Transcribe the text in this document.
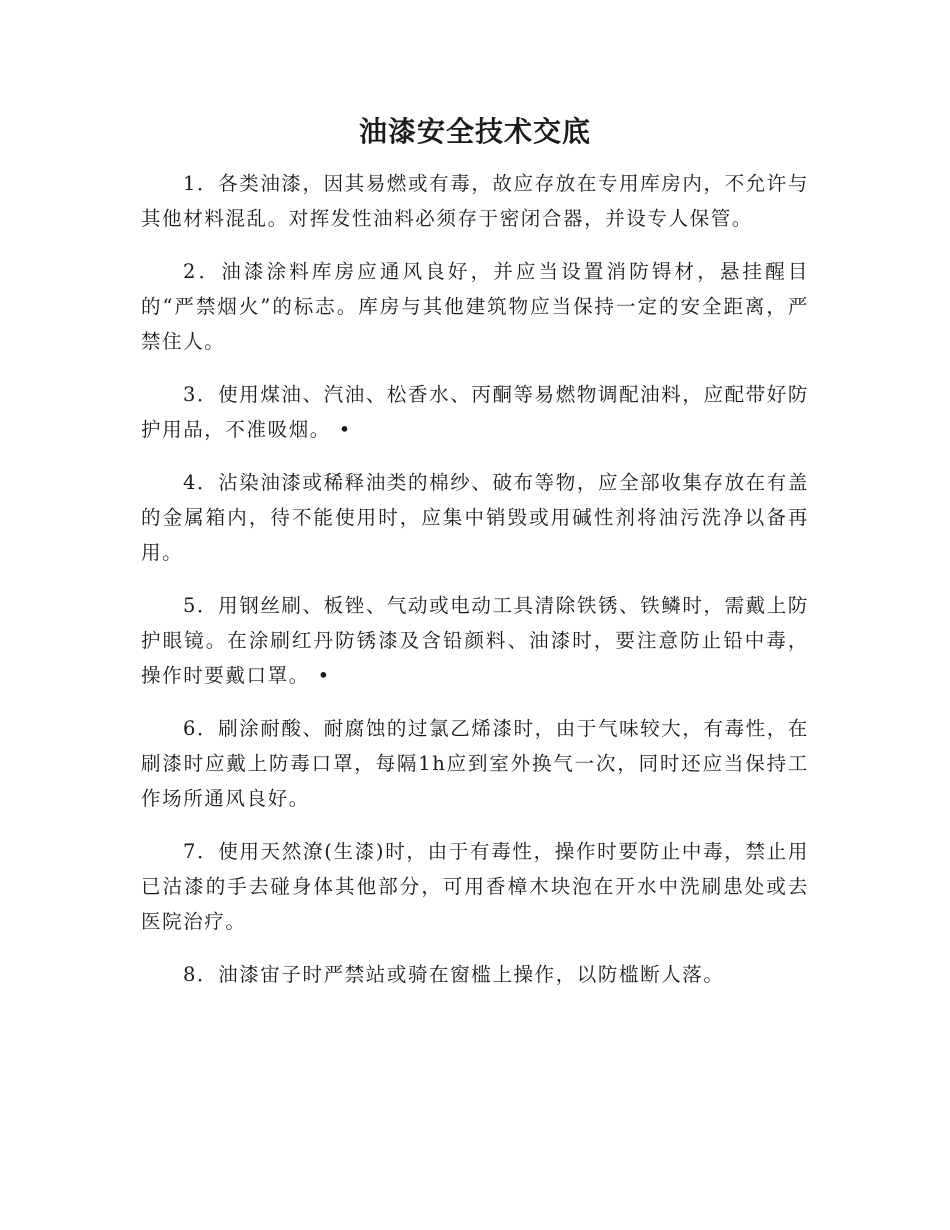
油漆安全技术交底

1．各类油漆，因其易燃或有毒，故应存放在专用库房内，不允许与其他材料混乱。对挥发性油料必须存于密闭合器，并设专人保管。

2．油漆涂料库房应通风良好，并应当设置消防锝材，悬挂醒目的“严禁烟火”的标志。库房与其他建筑物应当保持一定的安全距离，严禁住人。

3．使用煤油、汽油、松香水、丙酮等易燃物调配油料，应配带好防护用品，不准吸烟。 •

4．沾染油漆或稀释油类的棉纱、破布等物，应全部收集存放在有盖的金属箱内，待不能使用时，应集中销毁或用碱性剂将油污洗净以备再用。

5．用钢丝刷、板锉、气动或电动工具清除铁锈、铁鳞时，需戴上防护眼镜。在涂刷红丹防锈漆及含铅颜料、油漆时，要注意防止铅中毒，操作时要戴口罩。 •

6．刷涂耐酸、耐腐蚀的过氯乙烯漆时，由于气味较大，有毒性，在刷漆时应戴上防毒口罩，每隔1h应到室外换气一次，同时还应当保持工作场所通风良好。

7．使用天然潦(生漆)时，由于有毒性，操作时要防止中毒，禁止用已沽漆的手去碰身体其他部分，可用香樟木块泡在开水中洗刷患处或去医院治疗。

8．油漆宙子时严禁站或骑在窗槛上操作，以防槛断人落。
